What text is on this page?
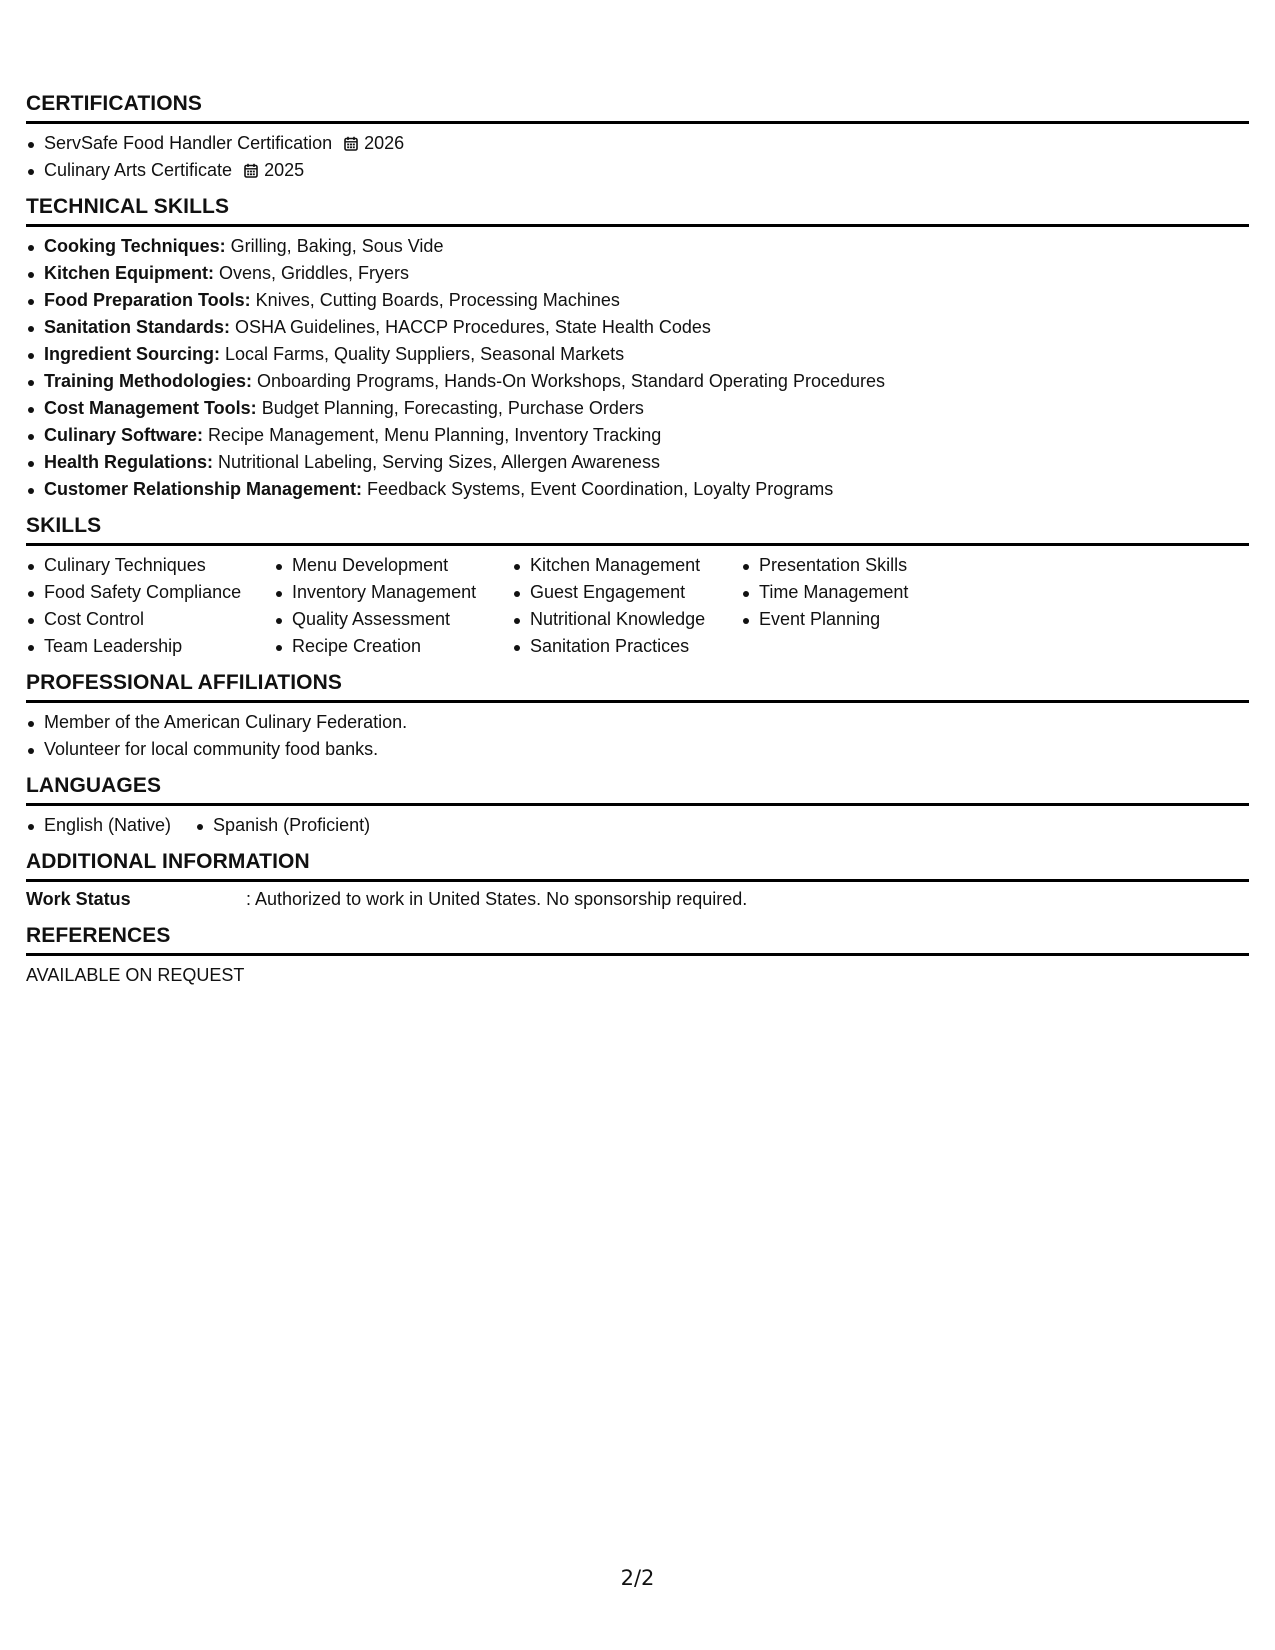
CERTIFICATIONS
ServSafe Food Handler Certification 2026
Culinary Arts Certificate 2025
TECHNICAL SKILLS
Cooking Techniques: Grilling, Baking, Sous Vide
Kitchen Equipment: Ovens, Griddles, Fryers
Food Preparation Tools: Knives, Cutting Boards, Processing Machines
Sanitation Standards: OSHA Guidelines, HACCP Procedures, State Health Codes
Ingredient Sourcing: Local Farms, Quality Suppliers, Seasonal Markets
Training Methodologies: Onboarding Programs, Hands-On Workshops, Standard Operating Procedures
Cost Management Tools: Budget Planning, Forecasting, Purchase Orders
Culinary Software: Recipe Management, Menu Planning, Inventory Tracking
Health Regulations: Nutritional Labeling, Serving Sizes, Allergen Awareness
Customer Relationship Management: Feedback Systems, Event Coordination, Loyalty Programs
SKILLS
Culinary Techniques
Food Safety Compliance
Cost Control
Team Leadership
Menu Development
Inventory Management
Quality Assessment
Recipe Creation
Kitchen Management
Guest Engagement
Nutritional Knowledge
Sanitation Practices
Presentation Skills
Time Management
Event Planning
PROFESSIONAL AFFILIATIONS
Member of the American Culinary Federation.
Volunteer for local community food banks.
LANGUAGES
English (Native)	Spanish (Proficient)
ADDITIONAL INFORMATION
Work Status	: Authorized to work in United States. No sponsorship required.
REFERENCES
AVAILABLE ON REQUEST
2/2
